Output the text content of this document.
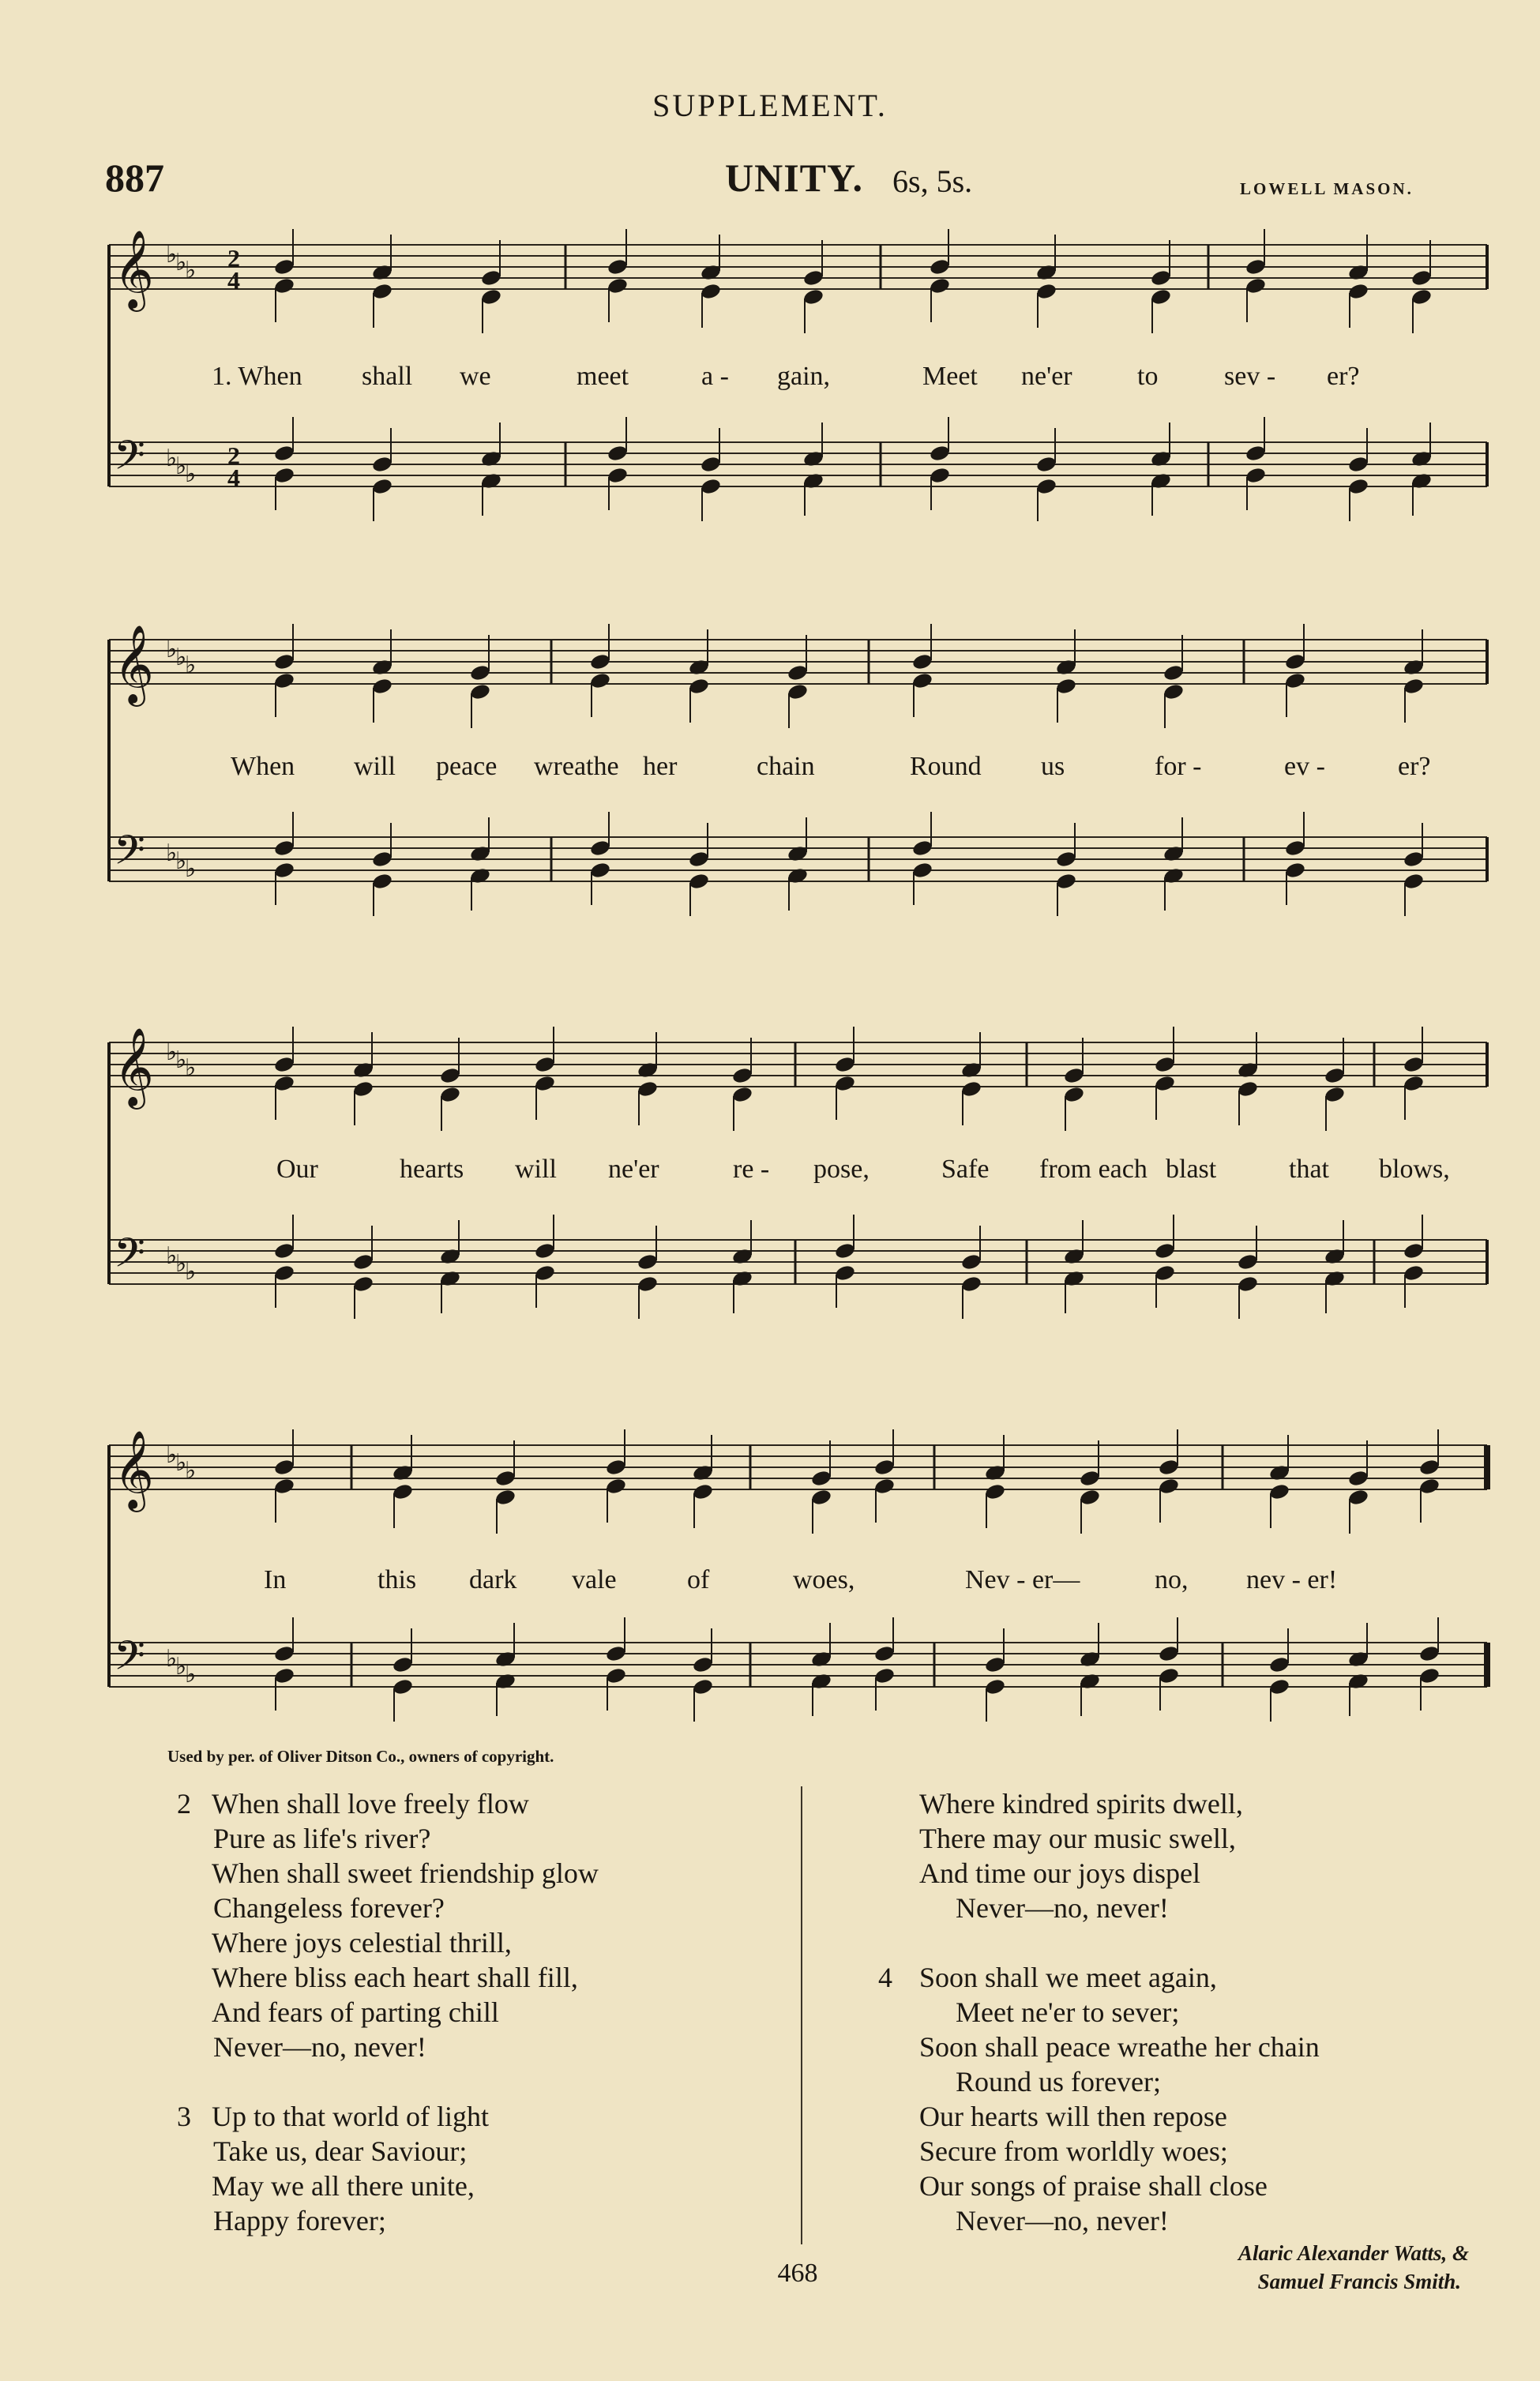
SUPPLEMENT.
887	UNITY. 6s, 5s.	LOWELL MASON.
𝄞 ♭
♭
♭ 2
4
𝄢 ♭
♭
♭
2
4
𝄞 ♭
♭
♭
𝄢 ♭
♭
♭
𝄞 ♭
♭
♭
𝄢 ♭
♭
♭
𝄞 ♭
♭
♭
𝄢 ♭
♭
♭
1. When shall we	meet	a - gain,	Meet ne'er to sev - er?
When will peace wreathe her	chain	Round us	for -	ev -	er?
Our	hearts will ne'er	re - pose,	Safe from each blast	that blows,
In	this dark vale	of	woes,	Nev - er—	no, nev - er!
Used by per. of Oliver Ditson Co., owners of copyright.
2 When shall love freely flow
Pure as life's river?
When shall sweet friendship glow
Changeless forever?
Where joys celestial thrill,
Where bliss each heart shall fill,
And fears of parting chill
Never—no, never!
3 Up to that world of light
Take us, dear Saviour;
May we all there unite,
Happy forever;
Where kindred spirits dwell,
There may our music swell,
And time our joys dispel
Never—no, never!
4 Soon shall we meet again,
Meet ne'er to sever;
Soon shall peace wreathe her chain
Round us forever;
Our hearts will then repose
Secure from worldly woes;
Our songs of praise shall close
Never—no, never!
Alaric Alexander Watts, &
Samuel Francis Smith.
468
